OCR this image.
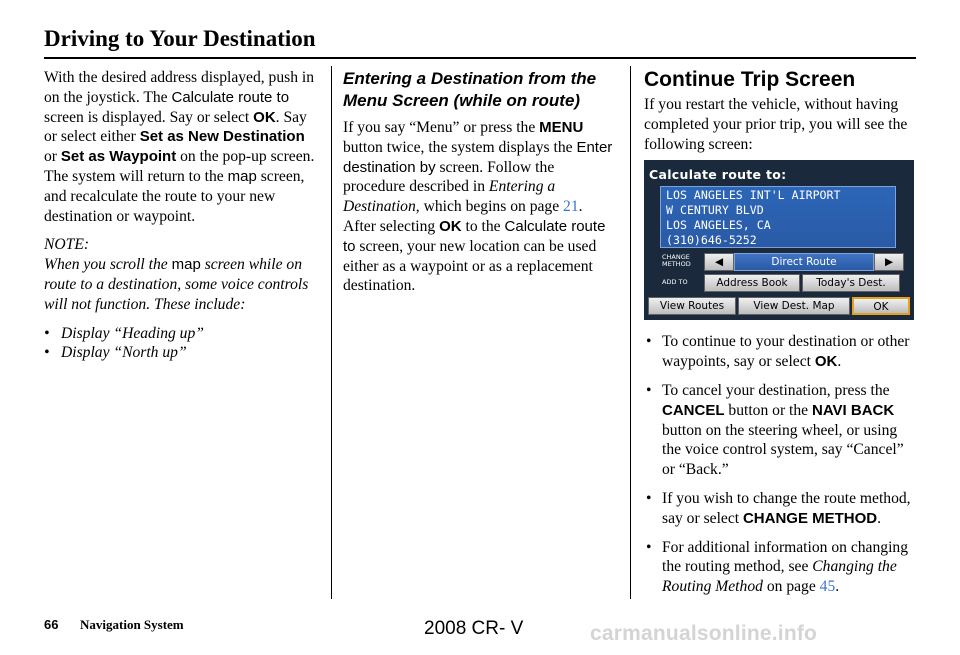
Driving to Your Destination

With the desired address displayed, push in on the joystick. The Calculate route to screen is displayed. Say or select OK. Say or select either Set as New Destination or Set as Waypoint on the pop-up screen. The system will return to the map screen, and recalculate the route to your new destination or waypoint.

NOTE:

When you scroll the map screen while on route to a destination, some voice controls will not function. These include:

• Display “Heading up”
• Display “North up”
Entering a Destination from the Menu Screen (while on route)

If you say “Menu” or press the MENU button twice, the system displays the Enter destination by screen. Follow the procedure described in Entering a Destination, which begins on page 21. After selecting OK to the Calculate route to screen, your new location can be used either as a waypoint or as a replacement destination.

Continue Trip Screen

If you restart the vehicle, without having completed your prior trip, you will see the following screen:

Calculate route to:
LOS ANGELES INT'L AIRPORT
W CENTURY BLVD
LOS ANGELES, CA
(310)646-5252
CHANGE METHOD	◀	Direct Route	▶
ADD TO	Address Book	Today's Dest.
View Routes	View Dest. Map	OK
• To continue to your destination or other waypoints, say or select OK.
• To cancel your destination, press the CANCEL button or the NAVI BACK button on the steering wheel, or using the voice control system, say “Cancel” or “Back.”
• If you wish to change the route method, say or select CHANGE METHOD.
• For additional information on changing the routing method, see Changing the Routing Method on page 45.
66 Navigation System	2008 CR- V	carmanualsonline.info
